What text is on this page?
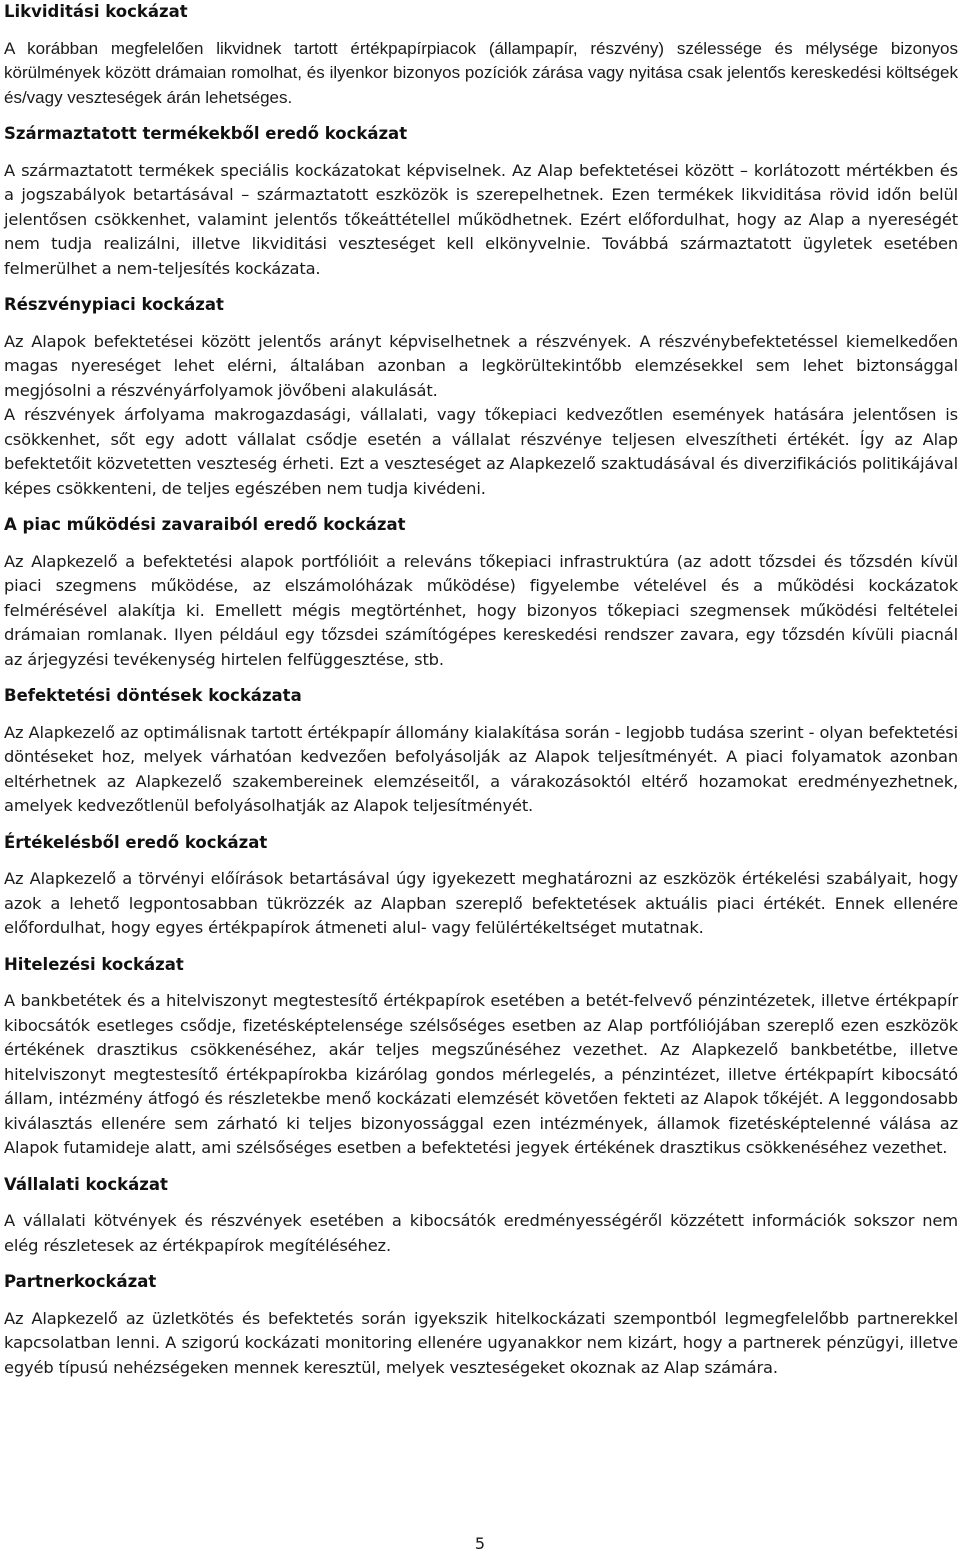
Likviditási kockázat

A korábban megfelelően likvidnek tartott értékpapírpiacok (állampapír, részvény) szélessége és mélysége bizonyos körülmények között drámaian romolhat, és ilyenkor bizonyos pozíciók zárása vagy nyitása csak jelentős kereskedési költségek és/vagy veszteségek árán lehetséges.

Származtatott termékekből eredő kockázat

A származtatott termékek speciális kockázatokat képviselnek. Az Alap befektetései között – korlátozott mértékben és a jogszabályok betartásával – származtatott eszközök is szerepelhetnek. Ezen termékek likviditása rövid időn belül jelentősen csökkenhet, valamint jelentős tőkeáttétellel működhetnek. Ezért előfordulhat, hogy az Alap a nyereségét nem tudja realizálni, illetve likviditási veszteséget kell elkönyvelnie. Továbbá származtatott ügyletek esetében felmerülhet a nem-teljesítés kockázata.

Részvénypiaci kockázat

Az Alapok befektetései között jelentős arányt képviselhetnek a részvények. A részvénybefektetéssel kiemelkedően magas nyereséget lehet elérni, általában azonban a legkörültekintőbb elemzésekkel sem lehet biztonsággal megjósolni a részvényárfolyamok jövőbeni alakulását.

A részvények árfolyama makrogazdasági, vállalati, vagy tőkepiaci kedvezőtlen események hatására jelentősen is csökkenhet, sőt egy adott vállalat csődje esetén a vállalat részvénye teljesen elveszítheti értékét. Így az Alap befektetőit közvetetten veszteség érheti. Ezt a veszteséget az Alapkezelő szaktudásával és diverzifikációs politikájával képes csökkenteni, de teljes egészében nem tudja kivédeni.

A piac működési zavaraiból eredő kockázat

Az Alapkezelő a befektetési alapok portfólióit a releváns tőkepiaci infrastruktúra (az adott tőzsdei és tőzsdén kívül piaci szegmens működése, az elszámolóházak működése) figyelembe vételével és a működési kockázatok felmérésével alakítja ki. Emellett mégis megtörténhet, hogy bizonyos tőkepiaci szegmensek működési feltételei drámaian romlanak. Ilyen például egy tőzsdei számítógépes kereskedési rendszer zavara, egy tőzsdén kívüli piacnál az árjegyzési tevékenység hirtelen felfüggesztése, stb.

Befektetési döntések kockázata

Az Alapkezelő az optimálisnak tartott értékpapír állomány kialakítása során - legjobb tudása szerint - olyan befektetési döntéseket hoz, melyek várhatóan kedvezően befolyásolják az Alapok teljesítményét. A piaci folyamatok azonban eltérhetnek az Alapkezelő szakembereinek elemzéseitől, a várakozásoktól eltérő hozamokat eredményezhetnek, amelyek kedvezőtlenül befolyásolhatják az Alapok teljesítményét.

Értékelésből eredő kockázat

Az Alapkezelő a törvényi előírások betartásával úgy igyekezett meghatározni az eszközök értékelési szabályait, hogy azok a lehető legpontosabban tükrözzék az Alapban szereplő befektetések aktuális piaci értékét. Ennek ellenére előfordulhat, hogy egyes értékpapírok átmeneti alul- vagy felülértékeltséget mutatnak.

Hitelezési kockázat

A bankbetétek és a hitelviszonyt megtestesítő értékpapírok esetében a betét-felvevő pénzintézetek, illetve értékpapír kibocsátók esetleges csődje, fizetésképtelensége szélsőséges esetben az Alap portfóliójában szereplő ezen eszközök értékének drasztikus csökkenéséhez, akár teljes megszűnéséhez vezethet. Az Alapkezelő bankbetétbe, illetve hitelviszonyt megtestesítő értékpapírokba kizárólag gondos mérlegelés, a pénzintézet, illetve értékpapírt kibocsátó állam, intézmény átfogó és részletekbe menő kockázati elemzését követően fekteti az Alapok tőkéjét. A leggondosabb kiválasztás ellenére sem zárható ki teljes bizonyossággal ezen intézmények, államok fizetésképtelenné válása az Alapok futamideje alatt, ami szélsőséges esetben a befektetési jegyek értékének drasztikus csökkenéséhez vezethet.

Vállalati kockázat

A vállalati kötvények és részvények esetében a kibocsátók eredményességéről közzétett információk sokszor nem elég részletesek az értékpapírok megítéléséhez.

Partnerkockázat

Az Alapkezelő az üzletkötés és befektetés során igyekszik hitelkockázati szempontból legmegfelelőbb partnerekkel kapcsolatban lenni. A szigorú kockázati monitoring ellenére ugyanakkor nem kizárt, hogy a partnerek pénzügyi, illetve egyéb típusú nehézségeken mennek keresztül, melyek veszteségeket okoznak az Alap számára.

5
